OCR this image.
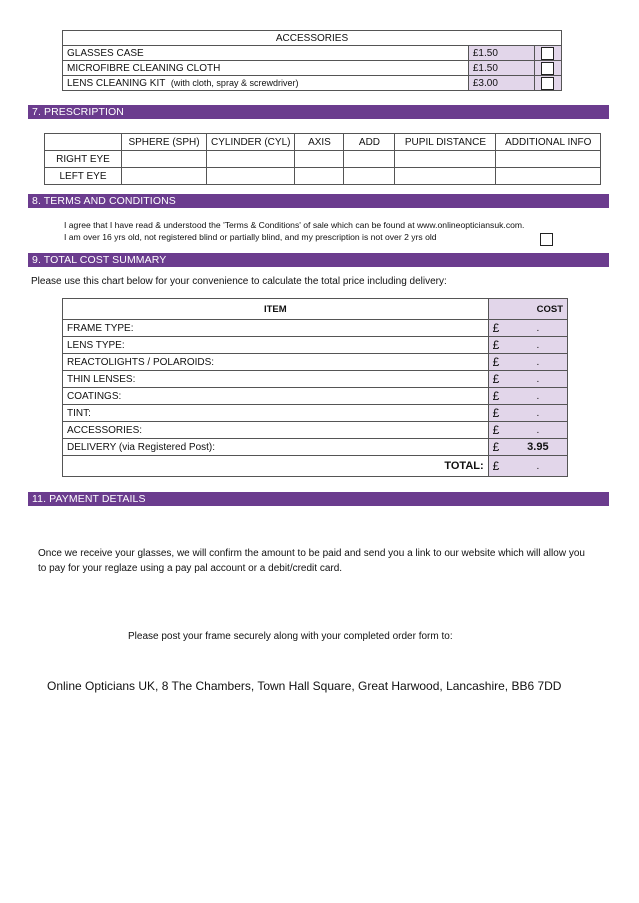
ACCESSORIES		
GLASSES CASE	£1.50	
MICROFIBRE CLEANING CLOTH	£1.50	
LENS CLEANING KIT (with cloth, spray & screwdriver)	£3.00	
7. PRESCRIPTION
	SPHERE (SPH)	CYLINDER (CYL)	AXIS	ADD	PUPIL DISTANCE	ADDITIONAL INFO
RIGHT EYE						
LEFT EYE						
8. TERMS AND CONDITIONS

I agree that I have read & understood the 'Terms & Conditions' of sale which can be found at www.onlineopticiansuk.com.

I am over 16 yrs old, not registered blind or partially blind, and my prescription is not over 2 yrs old

9. TOTAL COST SUMMARY

Please use this chart below for your convenience to calculate the total price including delivery:

ITEM	COST	
FRAME TYPE:	£	.
LENS TYPE:	£	.
REACTOLIGHTS / POLAROIDS:	£	.
THIN LENSES:	£	.
COATINGS:	£	.
TINT:	£	.
ACCESSORIES:	£	.
DELIVERY (via Registered Post):	£	3.95
TOTAL:	£	.
11. PAYMENT DETAILS

Once we receive your glasses, we will confirm the amount to be paid and send you a link to our website which will allow you to pay for your reglaze using a pay pal account or a debit/credit card.

Please post your frame securely along with your completed order form to:

Online Opticians UK, 8 The Chambers, Town Hall Square, Great Harwood, Lancashire, BB6 7DD
